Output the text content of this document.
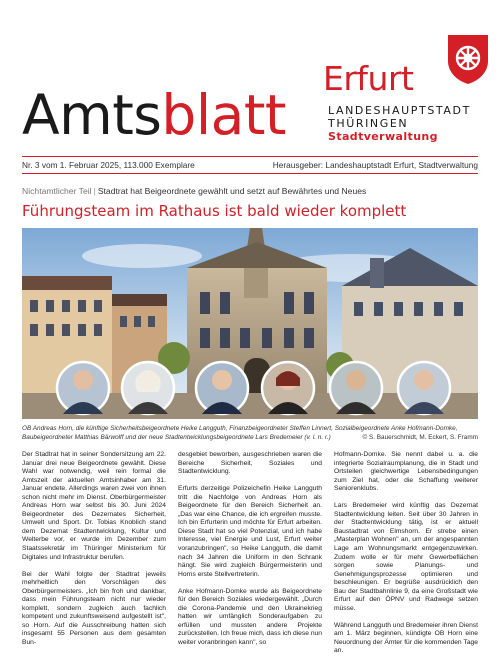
Amtsblatt
Erfurt
LANDESHAUPTSTADT
THÜRINGEN
Stadtverwaltung
Nr. 3 vom 1. Februar 2025, 113.000 Exemplare	Herausgeber: Landeshauptstadt Erfurt, Stadtverwaltung
Nichtamtlicher Teil | Stadtrat hat Beigeordnete gewählt und setzt auf Bewährtes und Neues
Führungsteam im Rathaus ist bald wieder komplett
OB Andreas Horn, die künftige Sicherheitsbeigeordnete Heike Langguth, Finanzbeigeordneter Steffen Linnert, Sozialbeigeordnete Anke Hofmann-Domke,
Baubeigeordneter Matthias Bärwolff und der neue Stadtentwicklungsbeigeordnete Lars Bredemeier (v. l. n. r.)	© S. Bauerschmidt, M. Eckert, S. Framm

Der Stadtrat hat in seiner Sondersitzung am 22. Januar drei neue Beigeordnete gewählt. Diese Wahl war notwendig, weil rein formal die Amtszeit der aktuellen Amtsinhaber am 31. Januar endete. Allerdings waren zwei von ihnen schon nicht mehr im Dienst. Oberbürgermeister Andreas Horn war selbst bis 30. Juni 2024 Beigeordneter des Dezernates Sicherheit, Umwelt und Sport. Dr. Tobias Knoblich stand dem Dezernat Stadtentwicklung, Kultur und Welterbe vor, er wurde im Dezember zum Staatssekretär im Thüringer Ministerium für Digitales und Infrastruktur berufen.

Bei der Wahl folgte der Stadtrat jeweils mehrheitlich den Vorschlägen des Oberbürgermeisters. „Ich bin froh und dankbar, dass mein Führungsteam nicht nur wieder komplett, sondern zugleich auch fachlich kompetent und zukunftsweisend aufgestellt ist", so Horn. Auf die Ausschreibung hatten sich insgesamt 55 Personen aus dem gesamten Bun-

desgebiet beworben, ausgeschrieben waren die Bereiche Sicherheit, Soziales und Stadtentwicklung.

Erfurts derzeitige Polizeichefin Heike Langguth tritt die Nachfolge von Andreas Horn als Beigeordnete für den Bereich Sicherheit an. „Das war eine Chance, die ich ergreifen musste. Ich bin Erfurterin und möchte für Erfurt arbeiten. Diese Stadt hat so viel Potenzial, und ich habe Interesse, viel Energie und Lust, Erfurt weiter voranzubringen", so Heike Langguth, die damit nach 34 Jahren die Uniform in den Schrank hängt. Sie wird zugleich Bürgermeisterin und Horns erste Stellvertreterin.

Anke Hofmann-Domke wurde als Beigeordnete für den Bereich Soziales wiedergewählt. „Durch die Corona-Pandemie und den Ukrainekrieg hatten wir umfänglich Sonderaufgaben zu erfüllen und mussten andere Projekte zurückstellen. Ich freue mich, dass ich diese nun weiter voranbringen kann", so

Hofmann-Domke. Sie nennt dabei u. a. die integrierte Sozialraumplanung, die in Stadt und Ortsteilen gleichwertige Lebensbedingungen zum Ziel hat, oder die Schaffung weiterer Seniorenklubs.

Lars Bredemeier wird künftig das Dezernat Stadtentwicklung leiten. Seit über 30 Jahren in der Stadtentwicklung tätig, ist er aktuell Baustadtrat von Elmshorn. Er strebe einen „Masterplan Wohnen" an, um der angespannten Lage am Wohnungsmarkt entgegenzuwirken. Zudem wolle er für mehr Gewerbeflächen sorgen sowie Planungs- und Genehmigungsprozesse optimieren und beschleunigen. Er begrüße ausdrücklich den Bau der Stadtbahnlinie 9, da eine Großstadt wie Erfurt auf den ÖPNV und Radwege setzen müsse.

Während Langguth und Bredemeier ihren Dienst am 1. März beginnen, kündigte OB Horn eine Neuordnung der Ämter für die kommenden Tage an.
